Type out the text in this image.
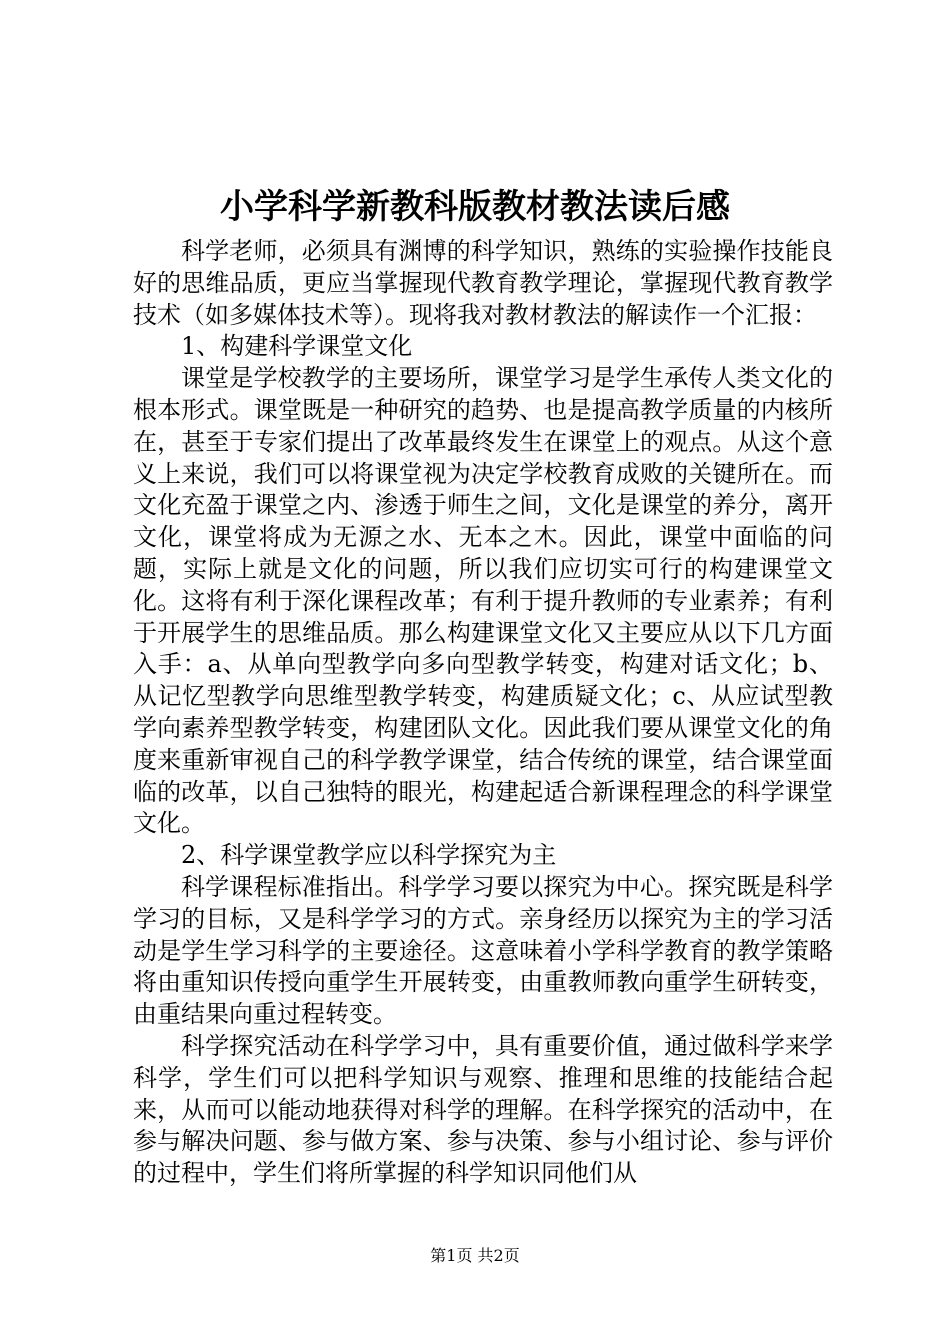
小学科学新教科版教材教法读后感

科学老师，必须具有渊博的科学知识，熟练的实验操作技能良好的思维品质，更应当掌握现代教育教学理论，掌握现代教育教学技术（如多媒体技术等）。现将我对教材教法的解读作一个汇报：

1、构建科学课堂文化

课堂是学校教学的主要场所，课堂学习是学生承传人类文化的根本形式。课堂既是一种研究的趋势、也是提高教学质量的内核所在，甚至于专家们提出了改革最终发生在课堂上的观点。从这个意义上来说，我们可以将课堂视为决定学校教育成败的关键所在。而文化充盈于课堂之内、渗透于师生之间，文化是课堂的养分，离开文化，课堂将成为无源之水、无本之木。因此，课堂中面临的问题，实际上就是文化的问题，所以我们应切实可行的构建课堂文化。这将有利于深化课程改革；有利于提升教师的专业素养；有利于开展学生的思维品质。那么构建课堂文化又主要应从以下几方面入手：a、从单向型教学向多向型教学转变，构建对话文化；b、从记忆型教学向思维型教学转变，构建质疑文化；c、从应试型教学向素养型教学转变，构建团队文化。因此我们要从课堂文化的角度来重新审视自己的科学教学课堂，结合传统的课堂，结合课堂面临的改革，以自己独特的眼光，构建起适合新课程理念的科学课堂文化。

2、科学课堂教学应以科学探究为主

科学课程标准指出。科学学习要以探究为中心。探究既是科学学习的目标，又是科学学习的方式。亲身经历以探究为主的学习活动是学生学习科学的主要途径。这意味着小学科学教育的教学策略将由重知识传授向重学生开展转变，由重教师教向重学生研转变，由重结果向重过程转变。

科学探究活动在科学学习中，具有重要价值，通过做科学来学科学，学生们可以把科学知识与观察、推理和思维的技能结合起来，从而可以能动地获得对科学的理解。在科学探究的活动中，在参与解决问题、参与做方案、参与决策、参与小组讨论、参与评价的过程中，学生们将所掌握的科学知识同他们从

第1页 共2页
